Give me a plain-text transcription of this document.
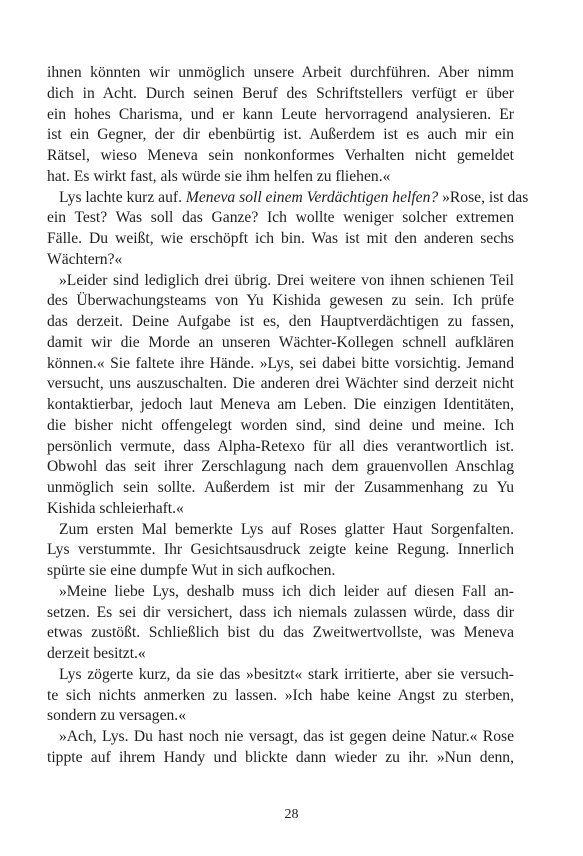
ihnen könnten wir unmöglich unsere Arbeit durchführen. Aber nimm
dich in Acht. Durch seinen Beruf des Schriftstellers verfügt er über
ein hohes Charisma, und er kann Leute hervorragend analysieren. Er
ist ein Gegner, der dir ebenbürtig ist. Außerdem ist es auch mir ein
Rätsel, wieso Meneva sein nonkonformes Verhalten nicht gemeldet
hat. Es wirkt fast, als würde sie ihm helfen zu fliehen.«
Lys lachte kurz auf. Meneva soll einem Verdächtigen helfen? »Rose, ist das
ein Test? Was soll das Ganze? Ich wollte weniger solcher extremen
Fälle. Du weißt, wie erschöpft ich bin. Was ist mit den anderen sechs
Wächtern?«
»Leider sind lediglich drei übrig. Drei weitere von ihnen schienen Teil
des Überwachungsteams von Yu Kishida gewesen zu sein. Ich prüfe
das derzeit. Deine Aufgabe ist es, den Hauptverdächtigen zu fassen,
damit wir die Morde an unseren Wächter-Kollegen schnell aufklären
können.« Sie faltete ihre Hände. »Lys, sei dabei bitte vorsichtig. Jemand
versucht, uns auszuschalten. Die anderen drei Wächter sind derzeit nicht
kontaktierbar, jedoch laut Meneva am Leben. Die einzigen Identitäten,
die bisher nicht offengelegt worden sind, sind deine und meine. Ich
persönlich vermute, dass Alpha-Retexo für all dies verantwortlich ist.
Obwohl das seit ihrer Zerschlagung nach dem grauenvollen Anschlag
unmöglich sein sollte. Außerdem ist mir der Zusammenhang zu Yu
Kishida schleierhaft.«
Zum ersten Mal bemerkte Lys auf Roses glatter Haut Sorgenfalten.
Lys verstummte. Ihr Gesichtsausdruck zeigte keine Regung. Innerlich
spürte sie eine dumpfe Wut in sich aufkochen.
»Meine liebe Lys, deshalb muss ich dich leider auf diesen Fall an-
setzen. Es sei dir versichert, dass ich niemals zulassen würde, dass dir
etwas zustößt. Schließlich bist du das Zweitwertvollste, was Meneva
derzeit besitzt.«
Lys zögerte kurz, da sie das »besitzt« stark irritierte, aber sie versuch-
te sich nichts anmerken zu lassen. »Ich habe keine Angst zu sterben,
sondern zu versagen.«
»Ach, Lys. Du hast noch nie versagt, das ist gegen deine Natur.« Rose
tippte auf ihrem Handy und blickte dann wieder zu ihr. »Nun denn,
28
